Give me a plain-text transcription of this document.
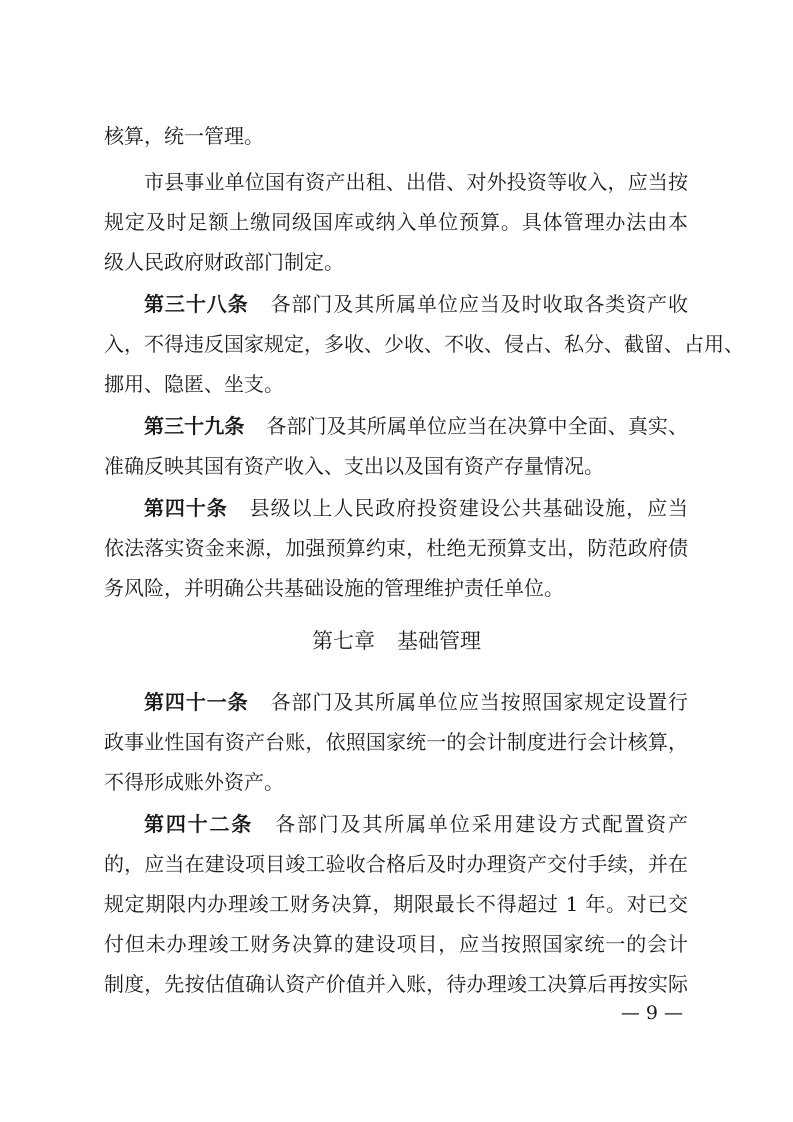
核算，统一管理。
市县事业单位国有资产出租、出借、对外投资等收入，应当按
规定及时足额上缴同级国库或纳入单位预算。具体管理办法由本
级人民政府财政部门制定。
第三十八条 各部门及其所属单位应当及时收取各类资产收
入，不得违反国家规定，多收、少收、不收、侵占、私分、截留、占用、
挪用、隐匿、坐支。
第三十九条 各部门及其所属单位应当在决算中全面、真实、
准确反映其国有资产收入、支出以及国有资产存量情况。
第四十条 县级以上人民政府投资建设公共基础设施，应当
依法落实资金来源，加强预算约束，杜绝无预算支出，防范政府债
务风险，并明确公共基础设施的管理维护责任单位。
第七章 基础管理
第四十一条 各部门及其所属单位应当按照国家规定设置行
政事业性国有资产台账，依照国家统一的会计制度进行会计核算，
不得形成账外资产。
第四十二条 各部门及其所属单位采用建设方式配置资产
的，应当在建设项目竣工验收合格后及时办理资产交付手续，并在
规定期限内办理竣工财务决算，期限最长不得超过 1 年。对已交
付但未办理竣工财务决算的建设项目，应当按照国家统一的会计
制度，先按估值确认资产价值并入账，待办理竣工决算后再按实际
— 9 —
